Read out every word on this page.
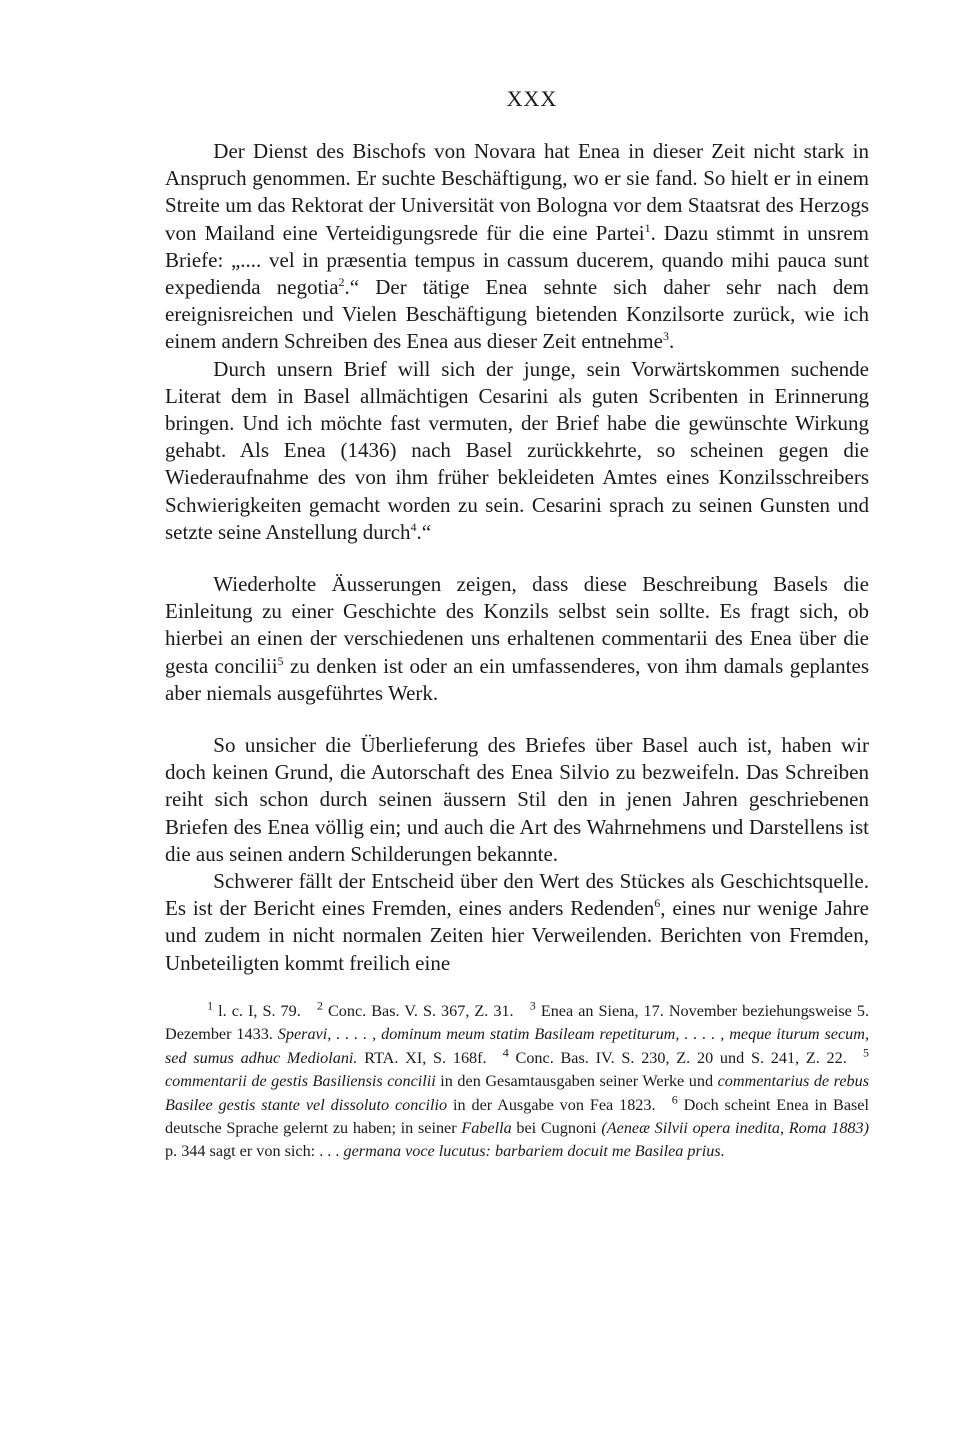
XXX

Der Dienst des Bischofs von Novara hat Enea in dieser Zeit nicht stark in Anspruch genommen. Er suchte Beschäftigung, wo er sie fand. So hielt er in einem Streite um das Rektorat der Universität von Bologna vor dem Staatsrat des Herzogs von Mailand eine Verteidigungsrede für die eine Partei$^1$. Dazu stimmt in unsrem Briefe: „.... vel in præsentia tempus in cassum ducerem, quando mihi pauca sunt expedienda negotia$^2$.“ Der tätige Enea sehnte sich daher sehr nach dem ereignisreichen und Vielen Beschäftigung bietenden Konzilsorte zurück, wie ich einem andern Schreiben des Enea aus dieser Zeit entnehme$^3$.

Durch unsern Brief will sich der junge, sein Vorwärtskommen suchende Literat dem in Basel allmächtigen Cesarini als guten Scribenten in Erinnerung bringen. Und ich möchte fast vermuten, der Brief habe die gewünschte Wirkung gehabt. Als Enea (1436) nach Basel zurückkehrte, so scheinen gegen die Wiederaufnahme des von ihm früher bekleideten Amtes eines Konzilsschreibers Schwierigkeiten gemacht worden zu sein. Cesarini sprach zu seinen Gunsten und setzte seine Anstellung durch$^4$.“

Wiederholte Äusserungen zeigen, dass diese Beschreibung Basels die Einleitung zu einer Geschichte des Konzils selbst sein sollte. Es fragt sich, ob hierbei an einen der verschiedenen uns erhaltenen commentarii des Enea über die gesta concilii$^5$ zu denken ist oder an ein umfassenderes, von ihm damals geplantes aber niemals ausgeführtes Werk.

So unsicher die Überlieferung des Briefes über Basel auch ist, haben wir doch keinen Grund, die Autorschaft des Enea Silvio zu bezweifeln. Das Schreiben reiht sich schon durch seinen äussern Stil den in jenen Jahren geschriebenen Briefen des Enea völlig ein; und auch die Art des Wahrnehmens und Darstellens ist die aus seinen andern Schilderungen bekannte.

Schwerer fällt der Entscheid über den Wert des Stückes als Geschichtsquelle. Es ist der Bericht eines Fremden, eines anders Redenden$^6$, eines nur wenige Jahre und zudem in nicht normalen Zeiten hier Verweilenden. Berichten von Fremden, Unbeteiligten kommt freilich eine

$^1$ l. c. I, S. 79. $^2$ Conc. Bas. V. S. 367, Z. 31. $^3$ Enea an Siena, 17. November beziehungsweise 5. Dezember 1433. Speravi, . . . . , dominum meum statim Basileam repetiturum, . . . . , meque iturum secum, sed sumus adhuc Mediolani. RTA. XI, S. 168f. $^4$ Conc. Bas. IV. S. 230, Z. 20 und S. 241, Z. 22. $^5$ commentarii de gestis Basiliensis concilii in den Gesamtausgaben seiner Werke und commentarius de rebus Basilee gestis stante vel dissoluto concilio in der Ausgabe von Fea 1823. $^6$ Doch scheint Enea in Basel deutsche Sprache gelernt zu haben; in seiner Fabella bei Cugnoni (Aeneæ Silvii opera inedita, Roma 1883) p. 344 sagt er von sich: . . . germana voce lucutus: barbariem docuit me Basilea prius.
